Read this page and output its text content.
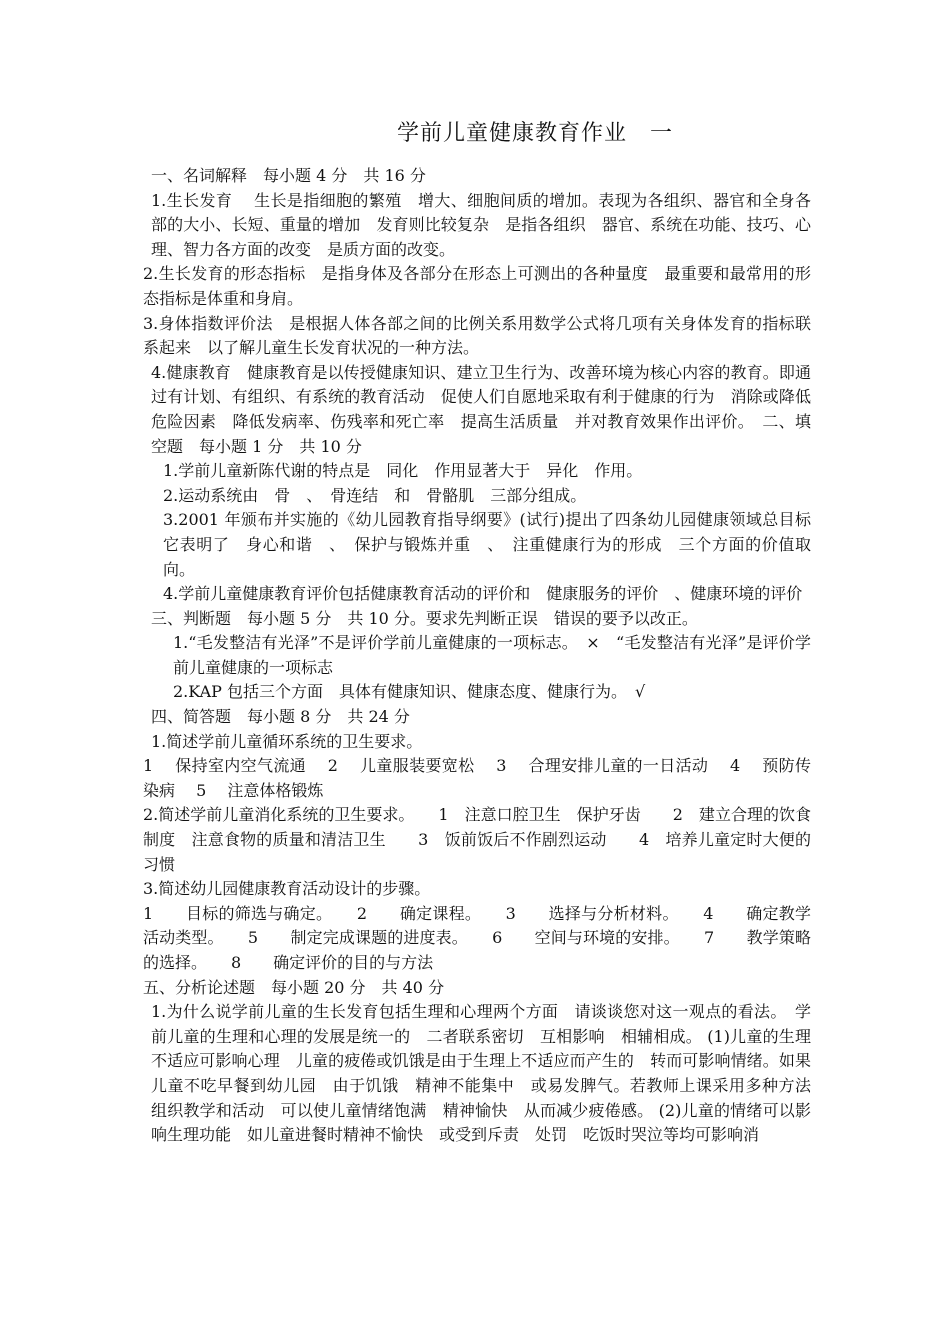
学前儿童健康教育作业　一　

一、名词解释　每小题 4 分　共 16 分

1.生长发育　 生长是指细胞的繁殖　增大、细胞间质的增加。表现为各组织、器官和全身各部的大小、长短、重量的增加　发育则比较复杂　是指各组织　器官、系统在功能、技巧、心理、智力各方面的改变　是质方面的改变。

2.生长发育的形态指标　是指身体及各部分在形态上可测出的各种量度　最重要和最常用的形态指标是体重和身肩。

3.身体指数评价法　是根据人体各部之间的比例关系用数学公式将几项有关身体发育的指标联系起来　以了解儿童生长发育状况的一种方法。

4.健康教育　健康教育是以传授健康知识、建立卫生行为、改善环境为核心内容的教育。即通过有计划、有组织、有系统的教育活动　促使人们自愿地采取有利于健康的行为　消除或降低危险因素　降低发病率、伤残率和死亡率　提高生活质量　并对教育效果作出评价。　二、填空题　每小题 1 分　共 10 分　

1.学前儿童新陈代谢的特点是　同化　作用显著大于　异化　作用。

2.运动系统由　骨　、　骨连结　和　骨骼肌　三部分组成。

3.2001 年颁布并实施的《幼儿园教育指导纲要》(试行)提出了四条幼儿园健康领域总目标　它表明了　身心和谐　、　保护与锻炼并重　、　注重健康行为的形成　三个方面的价值取向。

4.学前儿童健康教育评价包括健康教育活动的评价和　健康服务的评价　、健康环境的评价

三、判断题　每小题 5 分　共 10 分。要求先判断正误　错误的要予以改正。　

1.“毛发整洁有光泽”不是评价学前儿童健康的一项标志。　×　“毛发整洁有光泽”是评价学前儿童健康的一项标志

2.KAP 包括三个方面　具体有健康知识、健康态度、健康行为。　√

四、简答题　每小题 8 分　共 24 分

1.简述学前儿童循环系统的卫生要求。　　

1　 保持室内空气流通　 2　 儿童服装要宽松　 3　 合理安排儿童的一日活动　 4　 预防传染病　 5　 注意体格锻炼

2.简述学前儿童消化系统的卫生要求。　　1　注意口腔卫生　保护牙齿　　2　建立合理的饮食制度　注意食物的质量和清洁卫生　　3　饭前饭后不作剧烈运动　　4　培养儿童定时大便的习惯

3.简述幼儿园健康教育活动设计的步骤。　

1　　目标的筛选与确定。　　2　　确定课程。　　3　　选择与分析材料。　　4　　确定教学活动类型。　　5　　制定完成课题的进度表。　　6　　空间与环境的安排。　　7　　教学策略的选择。　　8　　确定评价的目的与方法

五、分析论述题　每小题 20 分　共 40 分

1.为什么说学前儿童的生长发育包括生理和心理两个方面　请谈谈您对这一观点的看法。　学前儿童的生理和心理的发展是统一的　二者联系密切　互相影响　相辅相成。 (1)儿童的生理不适应可影响心理　儿童的疲倦或饥饿是由于生理上不适应而产生的　转而可影响情绪。如果儿童不吃早餐到幼儿园　由于饥饿　精神不能集中　或易发脾气。若教师上课采用多种方法　组织教学和活动　可以使儿童情绪饱满　精神愉快　从而减少疲倦感。 (2)儿童的情绪可以影响生理功能　如儿童进餐时精神不愉快　或受到斥责　处罚　吃饭时哭泣等均可影响消
